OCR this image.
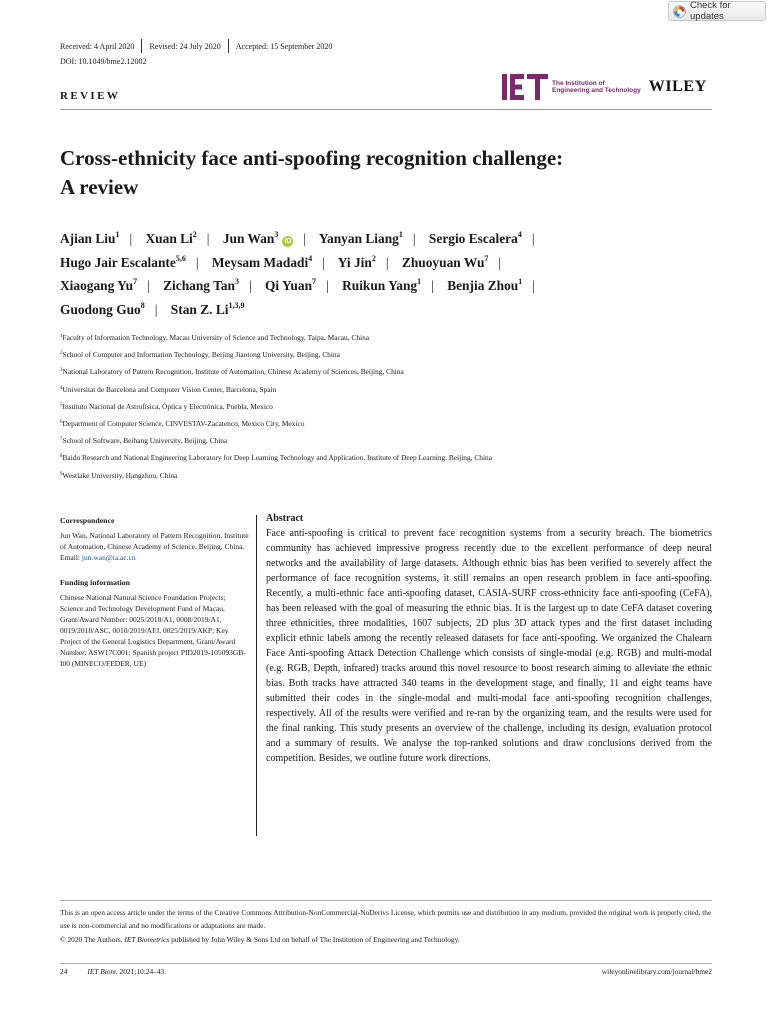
Check for updates
Received: 4 April 2020 Revised: 24 July 2020 Accepted: 15 September 2020
DOI: 10.1049/bme2.12002
REVIEW
The Institution of
Engineering and Technology WILEY
Cross-ethnicity face anti-spoofing recognition challenge:
A review
Ajian Liu$^1$ | Xuan Li$^2$ | Jun Wan$^3$iD | Yanyan Liang$^1$ | Sergio Escalera$^4$ |
Hugo Jair Escalante$^{5,6}$ | Meysam Madadi$^4$ | Yi Jin$^2$ | Zhuoyuan Wu$^7$ |
Xiaogang Yu$^7$ | Zichang Tan$^3$ | Qi Yuan$^7$ | Ruikun Yang$^1$ | Benjia Zhou$^1$ |
Guodong Guo$^8$ | Stan Z. Li$^{1,3,9}$
$^1$Faculty of Information Technology, Macau University of Science and Technology, Taipa, Macau, China
$^2$School of Computer and Information Technology, Beijing Jiaotong University, Beijing, China
$^3$National Laboratory of Pattern Recognition, Institute of Automation, Chinese Academy of Sciences, Beijing, China
$^4$Universitat de Barcelona and Computer Vision Center, Barcelona, Spain
$^5$Instituto Nacional de Astrofísica, Óptica y Electrónica, Puebla, Mexico
$^6$Department of Computer Science, CINVESTAV-Zacatenco, Mexico City, Mexico
$^7$School of Software, Beihang University, Beijing, China
$^8$Baidu Research and National Engineering Laboratory for Deep Learning Technology and Application, Institute of Deep Learning, Beijing, China
$^9$Westlake University, Hangzhou, China
Correspondence
Jun Wan, National Laboratory of Pattern Recognition, Institute of Automation, Chinese Academy of Science, Beijing, China.
Email: jun.wan@ia.ac.cn
Funding information
Chinese National Natural Science Foundation Projects; Science and Technology Development Fund of Macau, Grant/Award Number: 0025/2018/A1, 0008/2019/A1, 0019/2018/ASC, 0010/2019/AFJ, 0025/2019/AKP; Key Project of the General Logistics Department, Grant/Award Number: ASW17C001; Spanish project PID2019-105093GB-I00 (MINECO/FEDER, UE)
Abstract
Face anti-spoofing is critical to prevent face recognition systems from a security breach. The biometrics community has achieved impressive progress recently due to the excellent performance of deep neural networks and the availability of large datasets. Although ethnic bias has been verified to severely affect the performance of face recognition systems, it still remains an open research problem in face anti-spoofing. Recently, a multi-ethnic face anti-spoofing dataset, CASIA-SURF cross-ethnicity face anti-spoofing (CeFA), has been released with the goal of measuring the ethnic bias. It is the largest up to date CeFA dataset covering three ethnicities, three modalities, 1607 subjects, 2D plus 3D attack types and the first dataset including explicit ethnic labels among the recently released datasets for face anti-spoofing. We organized the Chalearn Face Anti-spoofing Attack Detection Challenge which consists of single-modal (e.g. RGB) and multi-modal (e.g. RGB, Depth, infrared) tracks around this novel resource to boost research aiming to alleviate the ethnic bias. Both tracks have attracted 340 teams in the development stage, and finally, 11 and eight teams have submitted their codes in the single-modal and multi-modal face anti-spoofing recognition challenges, respectively. All of the results were verified and re-ran by the organizing team, and the results were used for the final ranking. This study presents an overview of the challenge, including its design, evaluation protocol and a summary of results. We analyse the top-ranked solutions and draw conclusions derived from the competition. Besides, we outline future work directions.
This is an open access article under the terms of the Creative Commons Attribution-NonCommercial-NoDerivs License, which permits use and distribution in any medium, provided the original work is properly cited, the use is non-commercial and no modifications or adaptations are made.
© 2020 The Authors. IET Biometrics published by John Wiley & Sons Ltd on behalf of The Institution of Engineering and Technology.
24	IET Biom. 2021;10:24–43.	wileyonlinelibrary.com/journal/bme2
